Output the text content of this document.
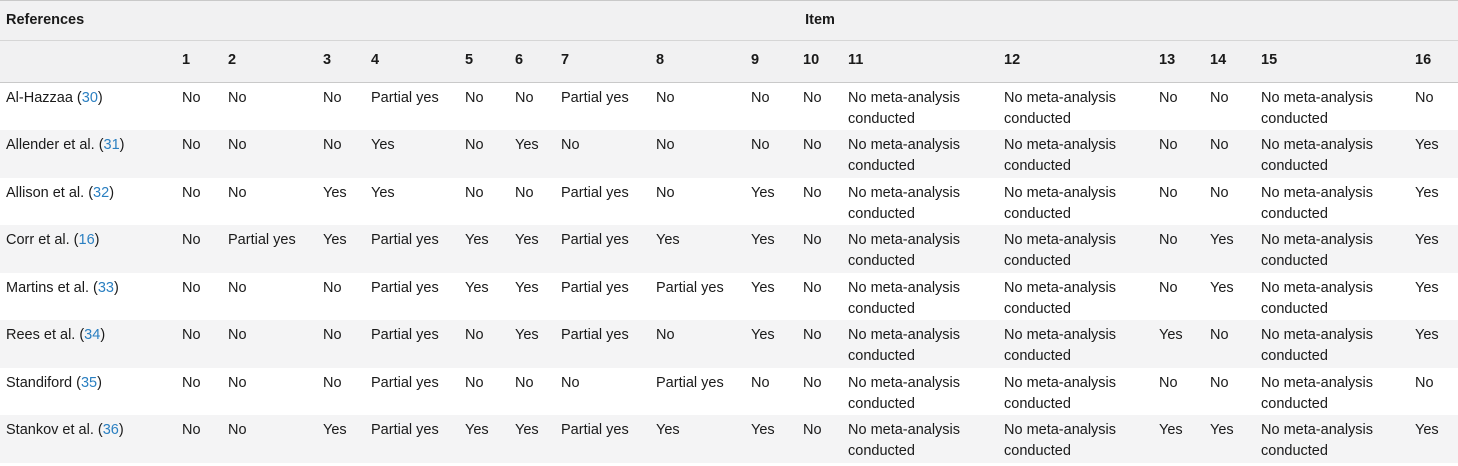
References	Item															
	1	2	3	4	5	6	7	8	9	10	11	12	13	14	15	16
Al-Hazzaa (30)	No	No	No	Partial yes	No	No	Partial yes	No	No	No	No meta-analysis conducted	No meta-analysis conducted	No	No	No meta-analysis conducted	No
Allender et al. (31)	No	No	No	Yes	No	Yes	No	No	No	No	No meta-analysis conducted	No meta-analysis conducted	No	No	No meta-analysis conducted	Yes
Allison et al. (32)	No	No	Yes	Yes	No	No	Partial yes	No	Yes	No	No meta-analysis conducted	No meta-analysis conducted	No	No	No meta-analysis conducted	Yes
Corr et al. (16)	No	Partial yes	Yes	Partial yes	Yes	Yes	Partial yes	Yes	Yes	No	No meta-analysis conducted	No meta-analysis conducted	No	Yes	No meta-analysis conducted	Yes
Martins et al. (33)	No	No	No	Partial yes	Yes	Yes	Partial yes	Partial yes	Yes	No	No meta-analysis conducted	No meta-analysis conducted	No	Yes	No meta-analysis conducted	Yes
Rees et al. (34)	No	No	No	Partial yes	No	Yes	Partial yes	No	Yes	No	No meta-analysis conducted	No meta-analysis conducted	Yes	No	No meta-analysis conducted	Yes
Standiford (35)	No	No	No	Partial yes	No	No	No	Partial yes	No	No	No meta-analysis conducted	No meta-analysis conducted	No	No	No meta-analysis conducted	No
Stankov et al. (36)	No	No	Yes	Partial yes	Yes	Yes	Partial yes	Yes	Yes	No	No meta-analysis conducted	No meta-analysis conducted	Yes	Yes	No meta-analysis conducted	Yes
